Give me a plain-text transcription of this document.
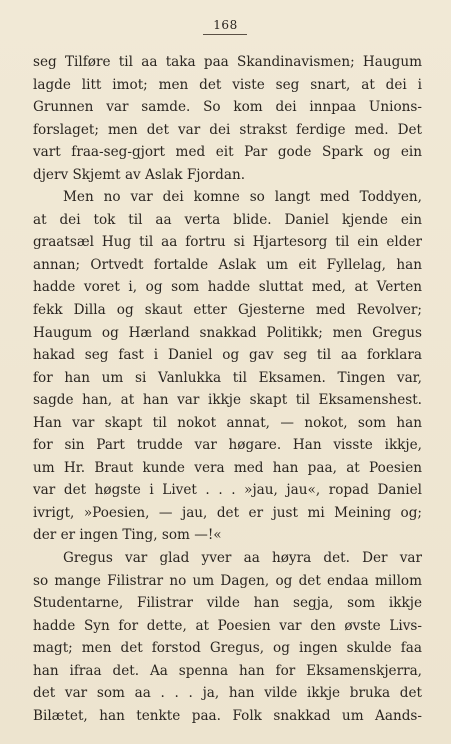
168
seg Tilføre til aa taka paa Skandinavismen; Haugum
lagde litt imot; men det viste seg snart, at dei i
Grunnen var samde. So kom dei innpaa Unions-
forslaget; men det var dei strakst ferdige med. Det
vart fraa-seg-gjort med eit Par gode Spark og ein
djerv Skjemt av Aslak Fjordan.
Men no var dei komne so langt med Toddyen,
at dei tok til aa verta blide. Daniel kjende ein
graatsæl Hug til aa fortru si Hjartesorg til ein elder
annan; Ortvedt fortalde Aslak um eit Fyllelag, han
hadde voret i, og som hadde sluttat med, at Verten
fekk Dilla og skaut etter Gjesterne med Revolver;
Haugum og Hærland snakkad Politikk; men Gregus
hakad seg fast i Daniel og gav seg til aa forklara
for han um si Vanlukka til Eksamen. Tingen var,
sagde han, at han var ikkje skapt til Eksamenshest.
Han var skapt til nokot annat, — nokot, som han
for sin Part trudde var høgare. Han visste ikkje,
um Hr. Braut kunde vera med han paa, at Poesien
var det høgste i Livet . . . »jau, jau«, ropad Daniel
ivrigt, »Poesien, — jau, det er just mi Meining og;
der er ingen Ting, som —!«
Gregus var glad yver aa høyra det. Der var
so mange Filistrar no um Dagen, og det endaa millom
Studentarne, Filistrar vilde han segja, som ikkje
hadde Syn for dette, at Poesien var den øvste Livs-
magt; men det forstod Gregus, og ingen skulde faa
han ifraa det. Aa spenna han for Eksamenskjerra,
det var som aa . . . ja, han vilde ikkje bruka det
Bilætet, han tenkte paa. Folk snakkad um Aands-
